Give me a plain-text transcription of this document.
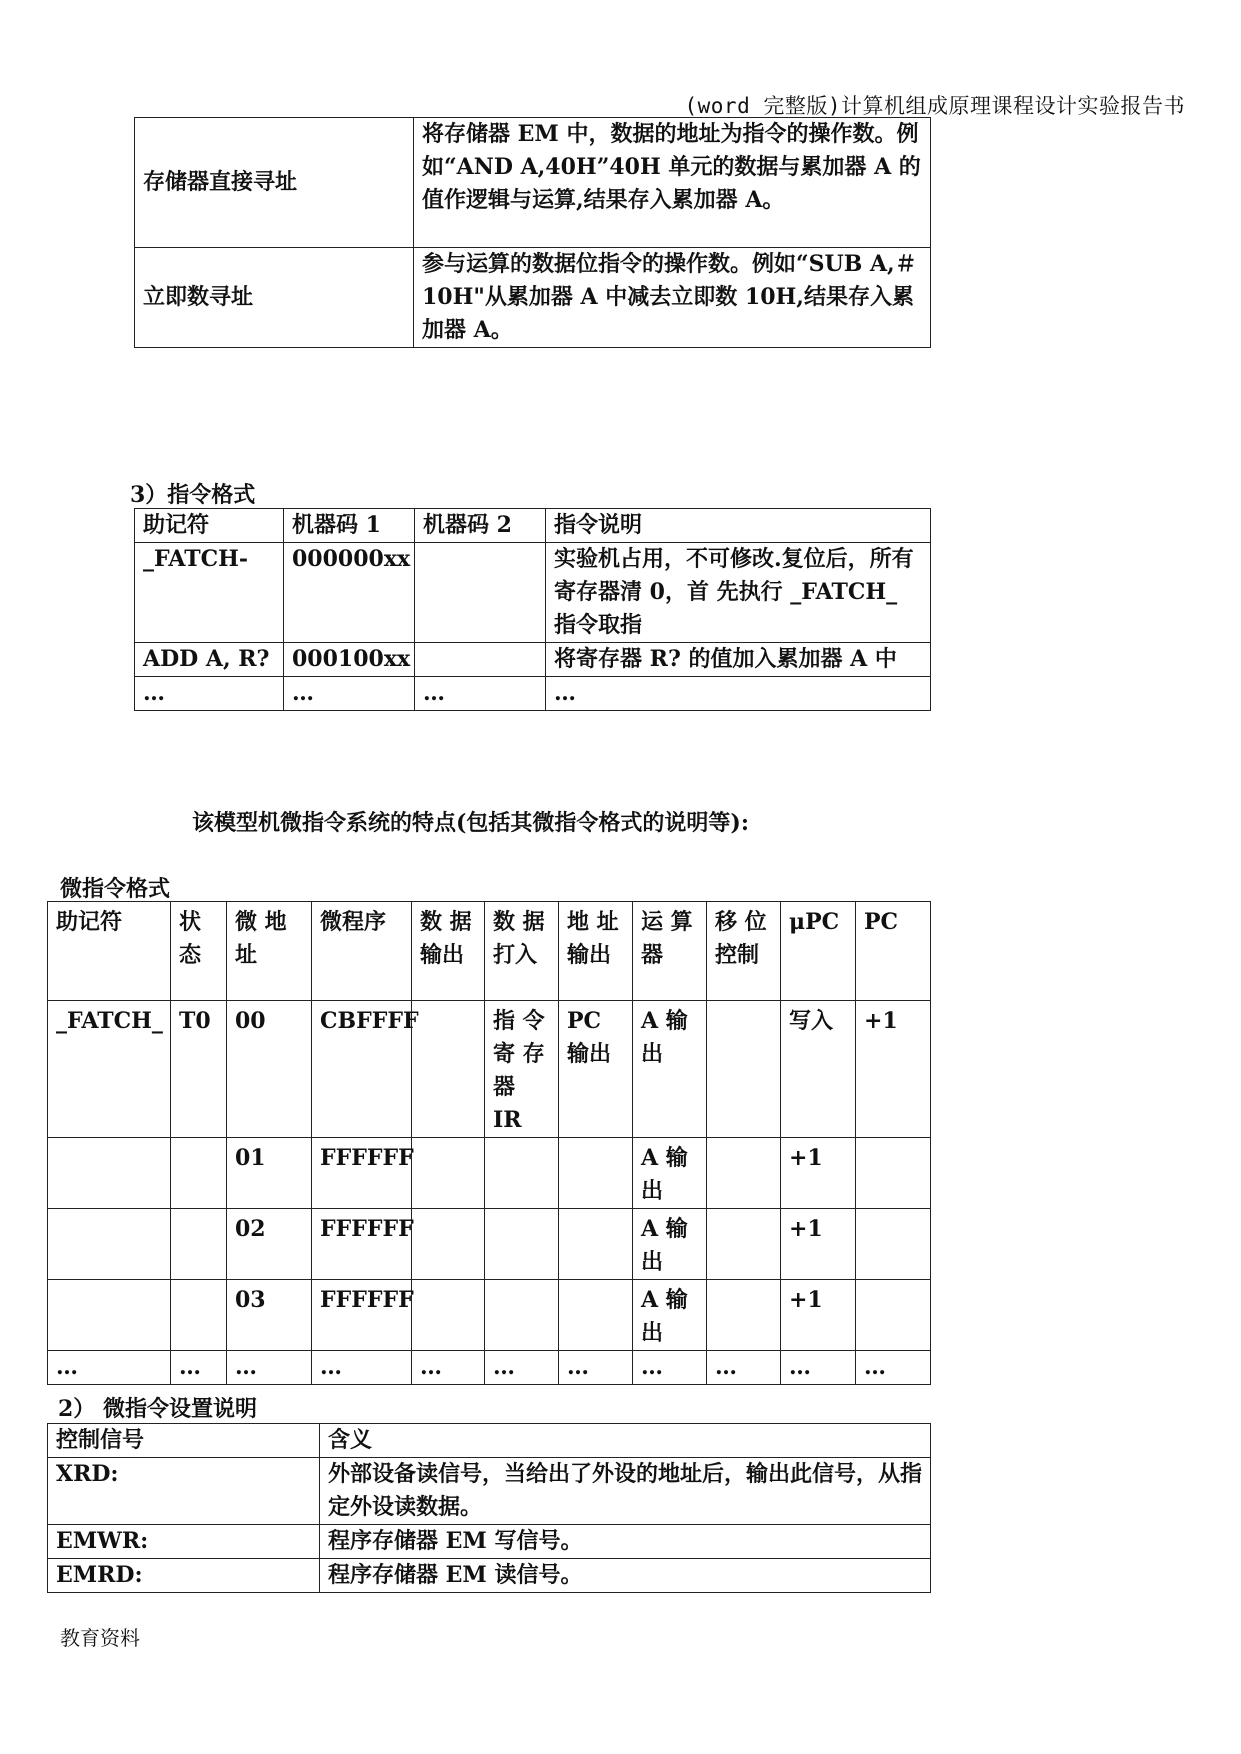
(word 完整版)计算机组成原理课程设计实验报告书
存储器直接寻址	将存储器 EM 中，数据的地址为指令的操作数。例如“AND A,40H”40H 单元的数据与累加器 A 的值作逻辑与运算,结果存入累加器 A。
立即数寻址	参与运算的数据位指令的操作数。例如“SUB A,＃10H"从累加器 A 中减去立即数 10H,结果存入累加器 A。
3）指令格式
助记符	机器码 1	机器码 2	指令说明
_FATCH-	000000xx		实验机占用，不可修改.复位后，所有寄存器清 0，首 先执行 _FATCH_ 指令取指
ADD A, R?	000100xx		将寄存器 R? 的值加入累加器 A 中
…	…	…	…
该模型机微指令系统的特点(包括其微指令格式的说明等):
微指令格式
助记符	状态	微 地址	微程序	数 据 输出	数 据 打入	地 址 输出	运 算 器	移 位 控制	μPC	PC
_FATCH_	T0	00	CBFFFF		指 令 寄 存 器 IR	PC 输出	A 输 出		写入	+1
		01	FFFFFF				A 输 出		+1	
		02	FFFFFF				A 输 出		+1	
		03	FFFFFF				A 输 出		+1	
…	…	…	…	…	…	…	…	…	…	…
2） 微指令设置说明
控制信号	含义
XRD:	外部设备读信号，当给出了外设的地址后，输出此信号，从指定外设读数据。
EMWR:	程序存储器 EM 写信号。
EMRD:	程序存储器 EM 读信号。
教育资料
